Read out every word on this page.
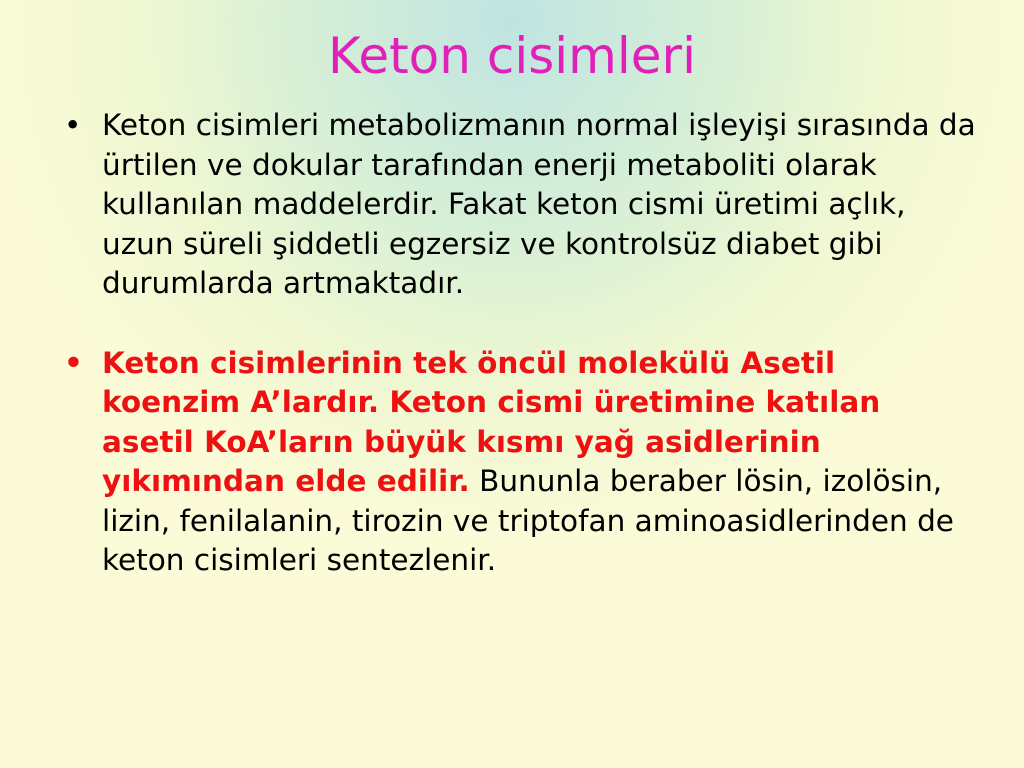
Keton cisimleri
• Keton cisimleri metabolizmanın normal işleyişi sırasında da ürtilen ve dokular tarafından enerji metaboliti olarak kullanılan maddelerdir. Fakat keton cismi üretimi açlık, uzun süreli şiddetli egzersiz ve kontrolsüz diabet gibi durumlarda artmaktadır.
• Keton cisimlerinin tek öncül molekülü Asetil koenzim A’lardır. Keton cismi üretimine katılan asetil KoA’ların büyük kısmı yağ asidlerinin yıkımından elde edilir. Bununla beraber lösin, izolösin, lizin, fenilalanin, tirozin ve triptofan aminoasidlerinden de keton cisimleri sentezlenir.
